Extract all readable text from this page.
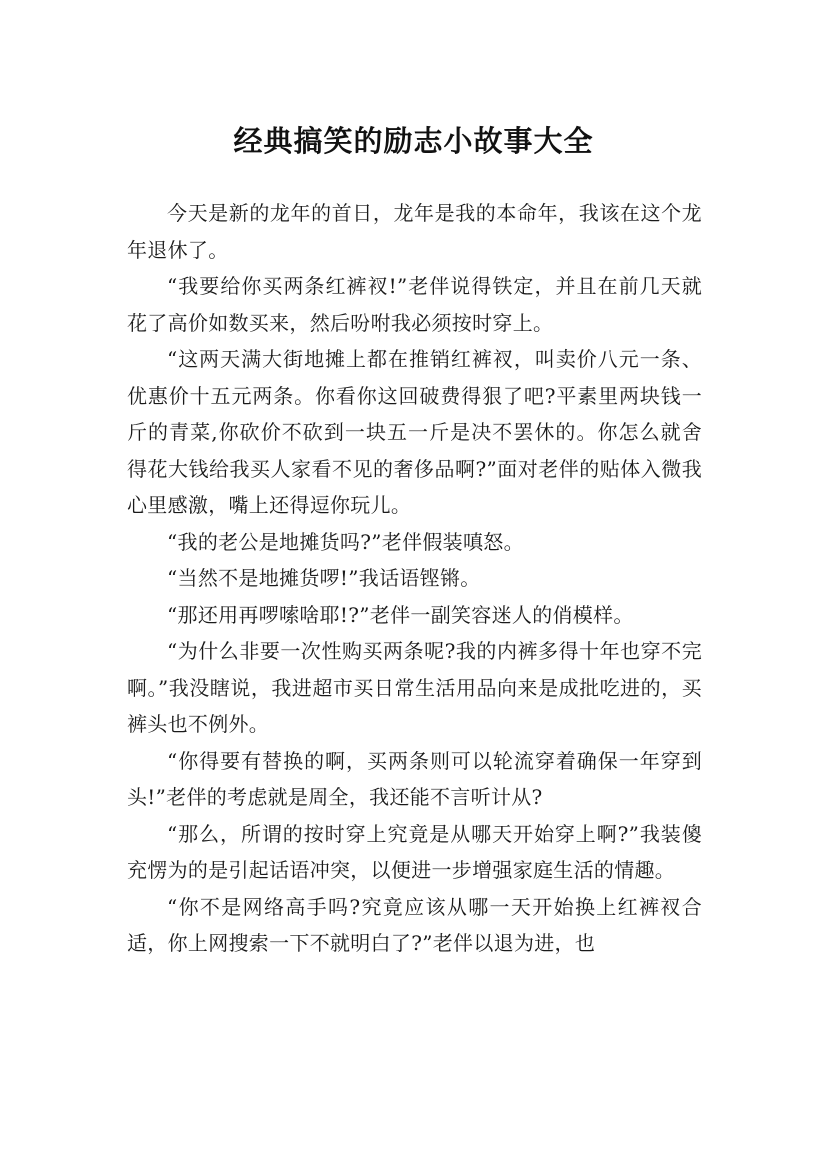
经典搞笑的励志小故事大全

今天是新的龙年的首日，龙年是我的本命年，我该在这个龙年退休了。

“我要给你买两条红裤衩!”老伴说得铁定，并且在前几天就花了高价如数买来，然后吩咐我必须按时穿上。

“这两天满大街地摊上都在推销红裤衩，叫卖价八元一条、优惠价十五元两条。你看你这回破费得狠了吧?平素里两块钱一斤的青菜,你砍价不砍到一块五一斤是决不罢休的。你怎么就舍得花大钱给我买人家看不见的奢侈品啊?”面对老伴的贴体入微我心里感激，嘴上还得逗你玩儿。

“我的老公是地摊货吗?”老伴假装嗔怒。

“当然不是地摊货啰!”我话语铿锵。

“那还用再啰嗦啥耶!?”老伴一副笑容迷人的俏模样。

“为什么非要一次性购买两条呢?我的内裤多得十年也穿不完啊。”我没瞎说，我进超市买日常生活用品向来是成批吃进的，买裤头也不例外。

“你得要有替换的啊，买两条则可以轮流穿着确保一年穿到头!”老伴的考虑就是周全，我还能不言听计从?

“那么，所谓的按时穿上究竟是从哪天开始穿上啊?”我装傻充愣为的是引起话语冲突，以便进一步增强家庭生活的情趣。

“你不是网络高手吗?究竟应该从哪一天开始换上红裤衩合适，你上网搜索一下不就明白了?”老伴以退为进，也
